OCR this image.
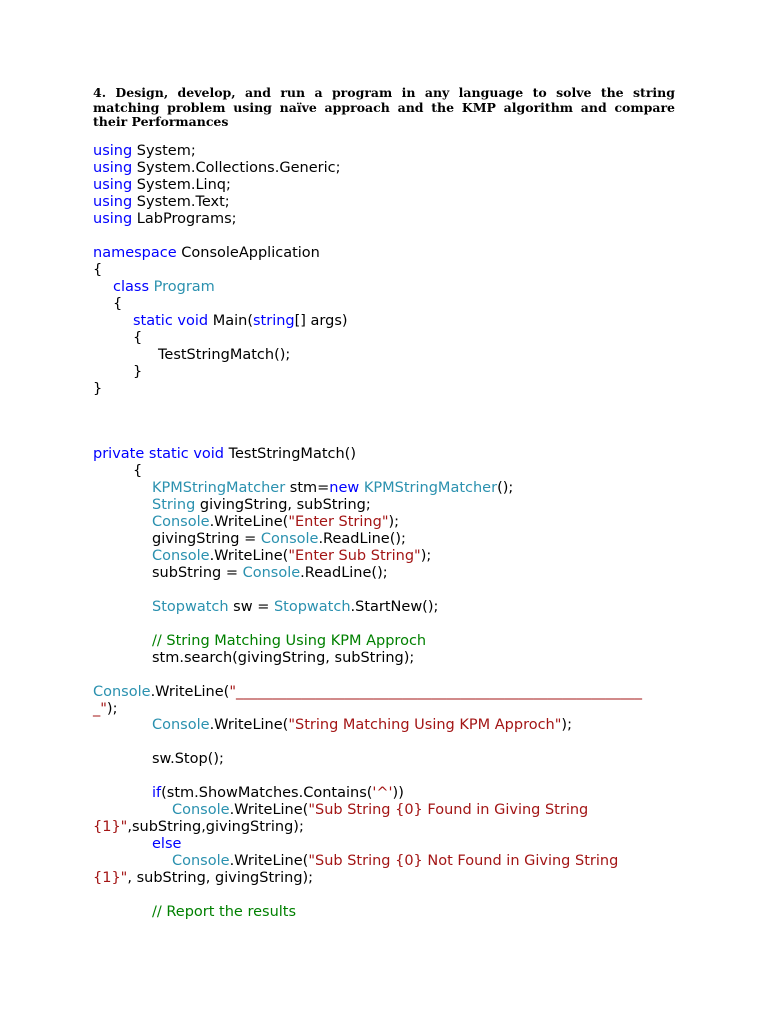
4. Design, develop, and run a program in any language to solve the string matching problem using naïve approach and the KMP algorithm and compare their Performances
using System;
using System.Collections.Generic;
using System.Linq;
using System.Text;
using LabPrograms;
namespace ConsoleApplication
{
class Program
{
static void Main(string[] args)
{
TestStringMatch();
}
}
private static void TestStringMatch()
{
KPMStringMatcher stm=new KPMStringMatcher();
String givingString, subString;
Console.WriteLine("Enter String");
givingString = Console.ReadLine();
Console.WriteLine("Enter Sub String");
subString = Console.ReadLine();
Stopwatch sw = Stopwatch.StartNew();
// String Matching Using KPM Approch
stm.search(givingString, subString);
Console.WriteLine("________________________________________________________
_");
Console.WriteLine("String Matching Using KPM Approch");
sw.Stop();
if(stm.ShowMatches.Contains('^'))
Console.WriteLine("Sub String {0} Found in Giving String
{1}",subString,givingString);
else
Console.WriteLine("Sub String {0} Not Found in Giving String
{1}", subString, givingString);
// Report the results
